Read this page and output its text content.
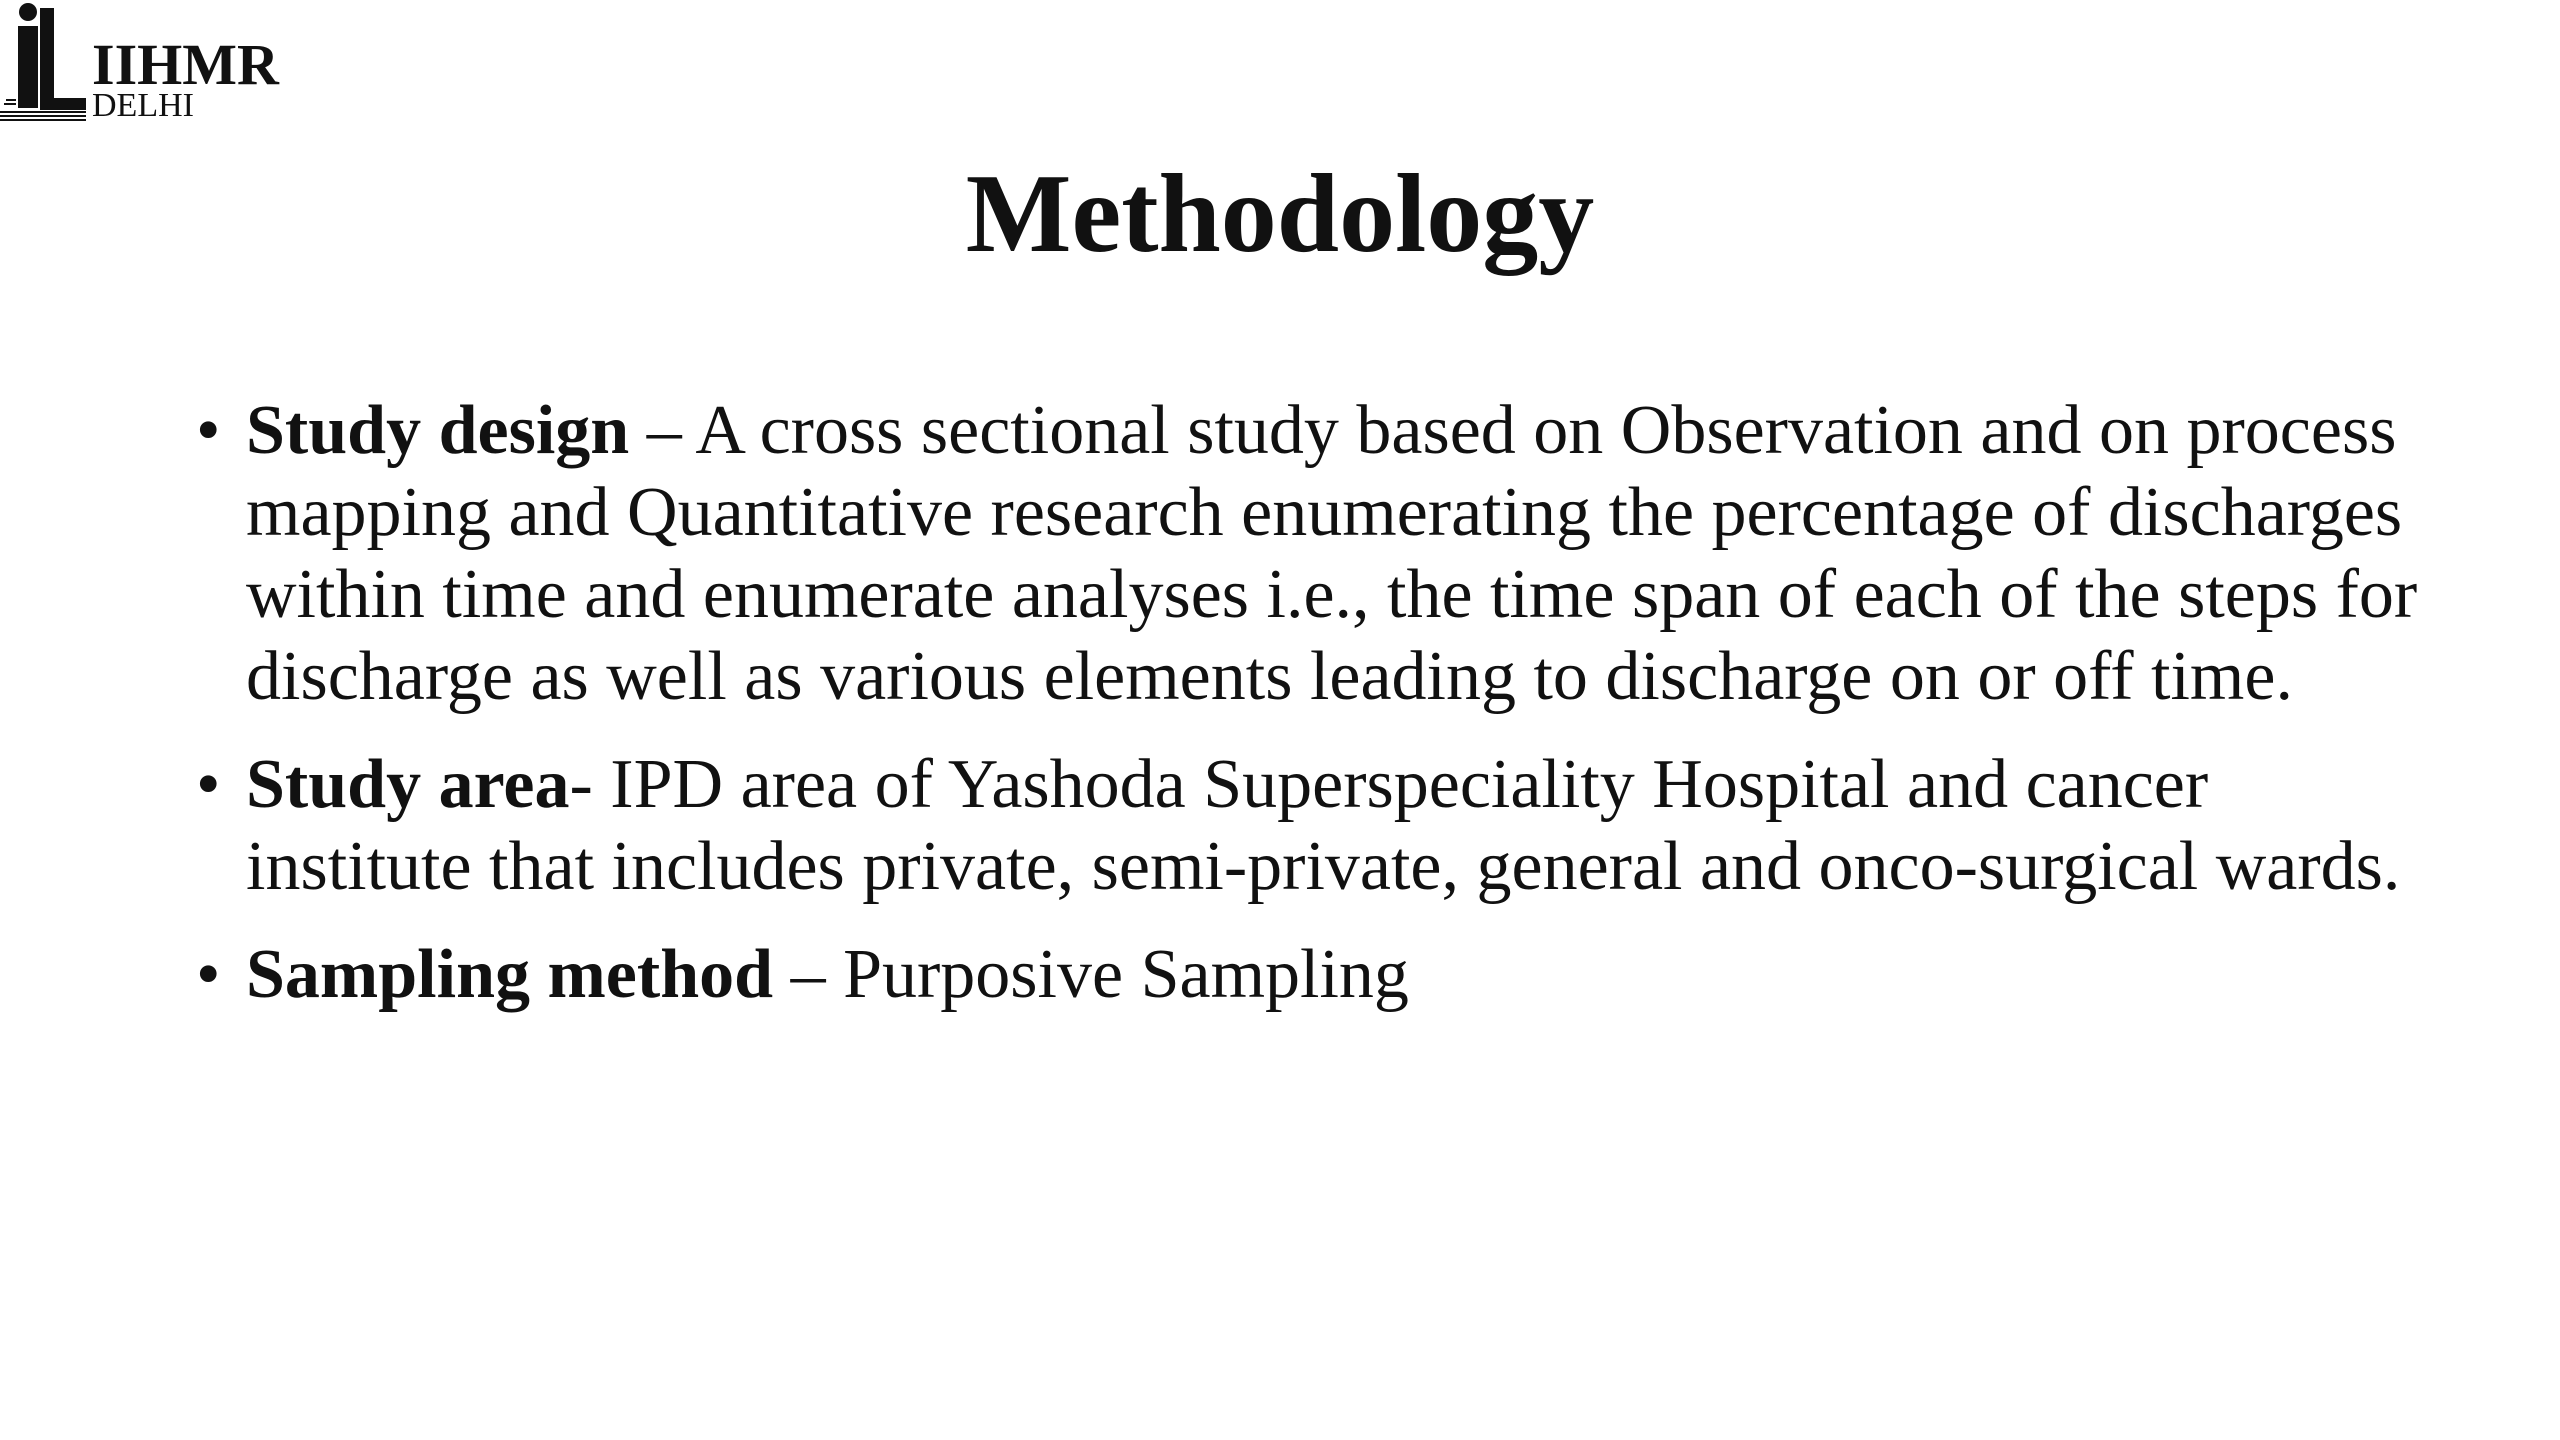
IIHMR
DELHI
Methodology
• Study design – A cross sectional study based on Observation and on process mapping and Quantitative research enumerating the percentage of discharges within time and enumerate analyses i.e., the time span of each of the steps for discharge as well as various elements leading to discharge on or off time.
• Study area- IPD area of Yashoda Superspeciality Hospital and cancer institute that includes private, semi-private, general and onco-surgical wards.
• Sampling method – Purposive Sampling
